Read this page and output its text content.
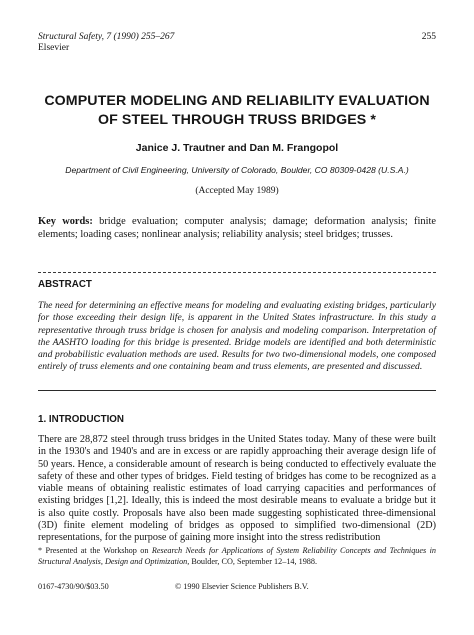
Structural Safety, 7 (1990) 255–267
Elsevier
255
COMPUTER MODELING AND RELIABILITY EVALUATION
OF STEEL THROUGH TRUSS BRIDGES *
Janice J. Trautner and Dan M. Frangopol
Department of Civil Engineering, University of Colorado, Boulder, CO 80309-0428 (U.S.A.)
(Accepted May 1989)
Key words: bridge evaluation; computer analysis; damage; deformation analysis; finite elements; loading cases; nonlinear analysis; reliability analysis; steel bridges; trusses.
ABSTRACT
The need for determining an effective means for modeling and evaluating existing bridges, particularly for those exceeding their design life, is apparent in the United States infrastructure. In this study a representative through truss bridge is chosen for analysis and modeling comparison. Interpretation of the AASHTO loading for this bridge is presented. Bridge models are identified and both deterministic and probabilistic evaluation methods are used. Results for two two-dimensional models, one composed entirely of truss elements and one containing beam and truss elements, are presented and discussed.
1. INTRODUCTION
There are 28,872 steel through truss bridges in the United States today. Many of these were built in the 1930's and 1940's and are in excess or are rapidly approaching their average design life of 50 years. Hence, a considerable amount of research is being conducted to effectively evaluate the safety of these and other types of bridges. Field testing of bridges has come to be recognized as a viable means of obtaining realistic estimates of load carrying capacities and performances of existing bridges [1,2]. Ideally, this is indeed the most desirable means to evaluate a bridge but it is also quite costly. Proposals have also been made suggesting sophisticated three-dimensional (3D) finite element modeling of bridges as opposed to simplified two-dimensional (2D) representations, for the purpose of gaining more insight into the stress redistribution
* Presented at the Workshop on Research Needs for Applications of System Reliability Concepts and Techniques in Structural Analysis, Design and Optimization, Boulder, CO, September 12–14, 1988.
0167-4730/90/$03.50	© 1990 Elsevier Science Publishers B.V.
